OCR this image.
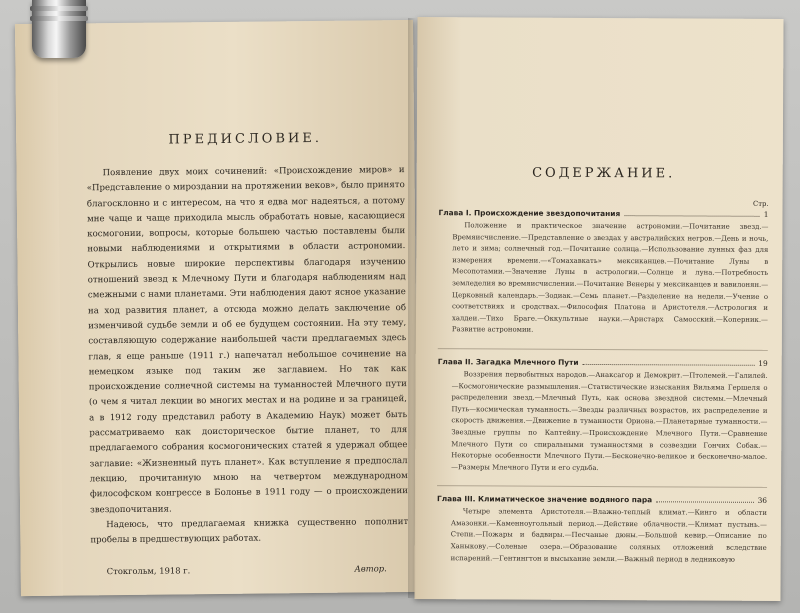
ПРЕДИСЛОВИЕ.

Появление двух моих сочинений: «Происхождение миров» и «Представление о мироздании на протяжении веков», было принято благосклонно и с интересом, на что я едва мог надеяться, а потому мне чаще и чаще приходила мысль обработать новые, касающиеся космогонии, вопросы, которые большею частью поставлены были новыми наблюдениями и открытиями в области астрономии. Открылись новые широкие перспективы благодаря изучению отношений звезд к Млечному Пути и благодаря наблюдениям над смежными с нами планетами. Эти наблюдения дают ясное указание на ход развития планет, а отсюда можно делать заключение об изменчивой судьбе земли и об ее будущем состоянии. На эту тему, составляющую содержание наибольшей части предлагаемых здесь глав, я еще раньше (1911 г.) напечатал небольшое сочинение на немецком языке под таким же заглавием. Но так как происхождение солнечной системы на туманностей Млечного пути (о чем я читал лекции во многих местах и на родине и за границей, а в 1912 году представил работу в Академию Наук) может быть рассматриваемо как доисторическое бытие планет, то для предлагаемого собрания космогонических статей я удержал общее заглавие: «Жизненный путь планет». Как вступление я предпослал лекцию, прочитанную мною на четвертом международном философском конгрессе в Болонье в 1911 году — о происхождении звездопочитания.

Надеюсь, что предлагаемая книжка существенно пополнит пробелы в предшествующих работах.

Стокгольм, 1918 г.	Автор.
СОДЕРЖАНИЕ.
Стр.
Глава I. Происхождение звездопочитания	1
Положение и практическое значение астрономии.—Почитание звезд.—Времяисчисление.—Представление о звездах у австралийских негров.—День и ночь, лето и зима; солнечный год.—Почитание солнца.—Использование лунных фаз для измерения времени.—«Томахавкать» мексиканцев.—Почитание Луны в Месопотамии.—Значение Луны в астрологии.—Солнце и луна.—Потребность земледелия во времяисчислении.—Почитание Венеры у мексиканцев и вавилонян.—Церковный календарь.—Зодиак.—Семь планет.—Разделение на недели.—Учение о соответствиях и сродствах.—Философия Платона и Аристотеля.—Астрология и халдеи.—Тихо Браге.—Оккультные науки.—Аристарх Самосский.—Коперник.—Развитие астрономии.
Глава II. Загадка Млечного Пути	19
Воззрения первобытных народов.—Анаксагор и Демокрит.—Птолемей.—Галилей.—Космогонические размышления.—Статистические изыскания Вильяма Гершеля о распределении звезд.—Млечный Путь, как основа звездной системы.—Млечный Путь—космическая туманность.—Звезды различных возрастов, их распределение и скорость движения.—Движение в туманности Ориона.—Планетарные туманности.—Звездные группы по Каптейну.—Происхождение Млечного Пути.—Сравнение Млечного Пути со спиральными туманностями в созвездии Гончих Собак.—Некоторые особенности Млечного Пути.—Бесконечно-великое и бесконечно-малое.—Размеры Млечного Пути и его судьба.
Глава III. Климатическое значение водяного пара	36
Четыре элемента Аристотеля.—Влажно-теплый климат.—Кинго и области Амазонки.—Каменноугольный период.—Действие облачности.—Климат пустынь.—Степи.—Пожары и бадвиры.—Песчаные дюны.—Большой кевир.—Описание по Ханыкову.—Соленые озера.—Образование соляных отложений вследствие испарений.—Гентингтон и высыхание земли.—Важный период в ледниковую
